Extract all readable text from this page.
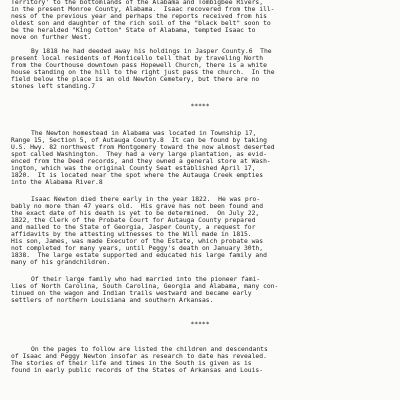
Territory' to the bottomlands of the Alabama and Tombigbee Rivers,
in the present Monroe County, Alabama.  Isaac recovered from the ill-
ness of the previous year and perhaps the reports received from his
oldest son and daughter of the rich soil of the "black belt" soon to
be the heralded "King Cotton" State of Alabama, tempted Isaac to
move on further West.
By 1818 he had deeded away his holdings in Jasper County.6  The
present local residents of Monticello tell that by traveling North
from the Courthouse downtown pass Hopewell Church, there is a white
house standing on the hill to the right just pass the church.  In the
field below the place is an old Newton Cemetery, but there are no
stones left standing.7
*****
The Newton homestead in Alabama was located in Township 17,
Range 15, Section 5, of Autauga County.8  It can be found by taking
U.S. Hwy. 82 northwest from Montgomery toward the now almost deserted
spot called Washington.  They had a very large plantation, as evid-
enced from the Deed records, and they owned a general store at Wash-
ington, which was the original County Seat established April 17,
1820.  It is located near the spot where the Autauga Creek empties
into the Alabama River.8
Isaac Newton died there early in the year 1822.  He was pro-
bably no more than 47 years old.  His grave has not been found and
the exact date of his death is yet to be determined.  On July 22,
1822, the Clerk of the Probate Court for Autauga County prepared
and mailed to the State of Georgia, Jasper County, a request for
affidavits by the attesting witnesses to the Will made in 1815.
His son, James, was made Executor of the Estate, which probate was
not completed for many years, until Peggy's death on January 30th,
1838.  The large estate supported and educated his large family and
many of his grandchildren.
Of their large family who had married into the pioneer fami-
lies of North Carolina, South Carolina, Georgia and Alabama, many con-
tinued on the wagon and Indian trails westward and became early
settlers of northern Louisiana and southern Arkansas.
*****
On the pages to follow are listed the children and descendants
of Isaac and Peggy Newton insofar as research to date has revealed.
The stories of their life and times in the South is given as is
found in early public records of the States of Arkansas and Louis-
